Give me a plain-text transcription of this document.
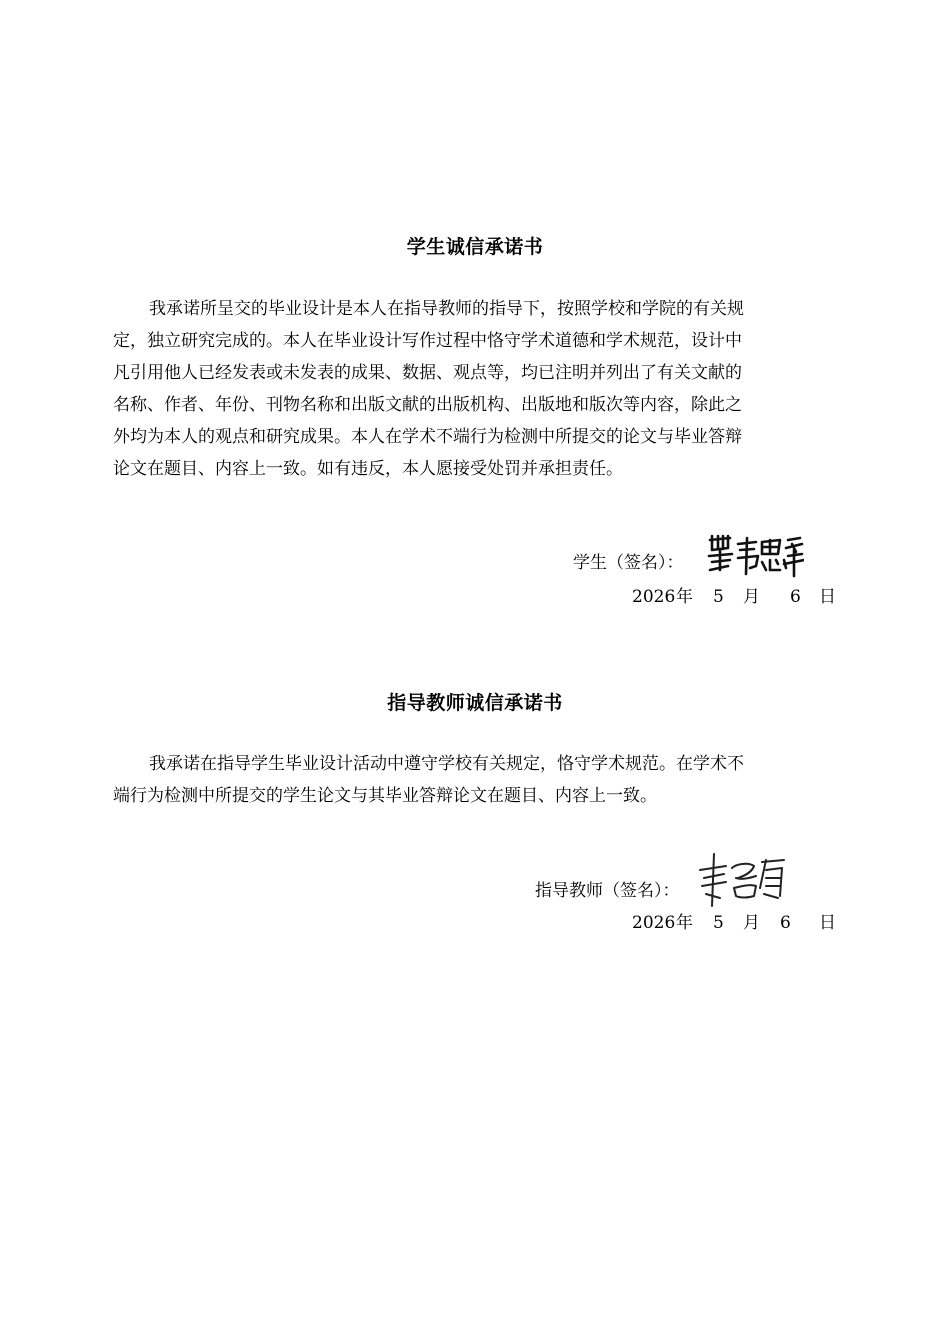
学生诚信承诺书
我承诺所呈交的毕业设计是本人在指导教师的指导下，按照学校和学院的有关规
定，独立研究完成的。本人在毕业设计写作过程中恪守学术道德和学术规范，设计中
凡引用他人已经发表或未发表的成果、数据、观点等，均已注明并列出了有关文献的
名称、作者、年份、刊物名称和出版文献的出版机构、出版地和版次等内容，除此之
外均为本人的观点和研究成果。本人在学术不端行为检测中所提交的论文与毕业答辩
论文在题目、内容上一致。如有违反，本人愿接受处罚并承担责任。
学生（签名）：
2026 年 5 月 6 日
指导教师诚信承诺书
我承诺在指导学生毕业设计活动中遵守学校有关规定，恪守学术规范。在学术不
端行为检测中所提交的学生论文与其毕业答辩论文在题目、内容上一致。
指导教师（签名）：
2026 年 5 月 6 日
